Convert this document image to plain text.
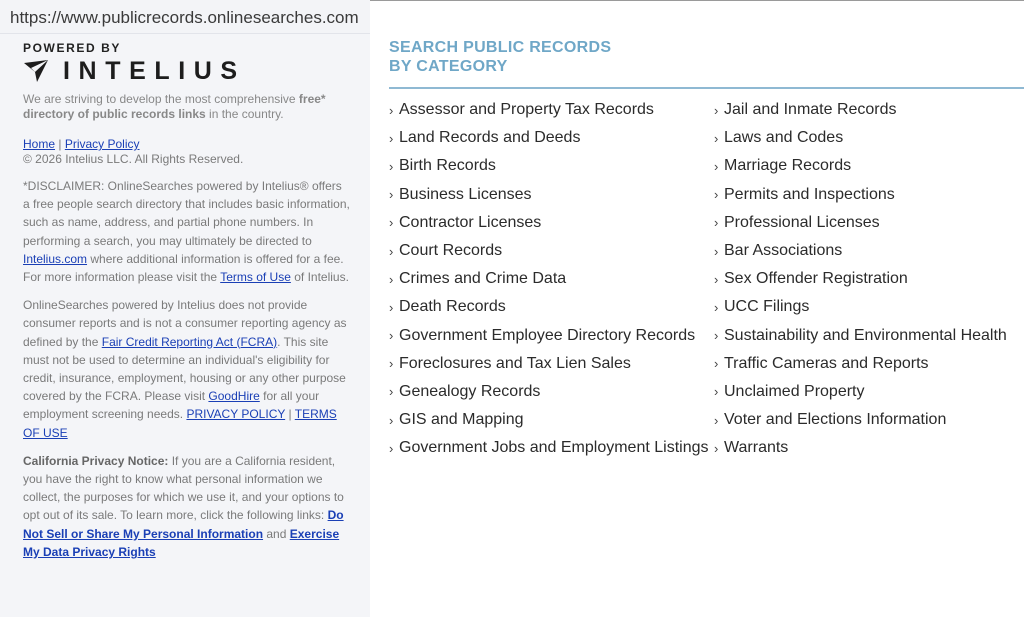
https://www.publicrecords.onlinesearches.com
POWERED BY
INTELIUS
We are striving to develop the most comprehensive free* directory of public records links in the country.
Home | Privacy Policy
© 2026 Intelius LLC. All Rights Reserved.
*DISCLAIMER: OnlineSearches powered by Intelius® offers a free people search directory that includes basic information, such as name, address, and partial phone numbers. In performing a search, you may ultimately be directed to Intelius.com where additional information is offered for a fee. For more information please visit the Terms of Use of Intelius.
OnlineSearches powered by Intelius does not provide consumer reports and is not a consumer reporting agency as defined by the Fair Credit Reporting Act (FCRA). This site must not be used to determine an individual's eligibility for credit, insurance, employment, housing or any other purpose covered by the FCRA. Please visit GoodHire for all your employment screening needs. PRIVACY POLICY | TERMS OF USE
California Privacy Notice: If you are a California resident, you have the right to know what personal information we collect, the purposes for which we use it, and your options to opt out of its sale. To learn more, click the following links: Do Not Sell or Share My Personal Information and Exercise My Data Privacy Rights
SEARCH PUBLIC RECORDS
BY CATEGORY
› Assessor and Property Tax Records
› Land Records and Deeds
› Birth Records
› Business Licenses
› Contractor Licenses
› Court Records
› Crimes and Crime Data
› Death Records
› Government Employee Directory Records
› Foreclosures and Tax Lien Sales
› Genealogy Records
› GIS and Mapping
› Government Jobs and Employment Listings
› Jail and Inmate Records
› Laws and Codes
› Marriage Records
› Permits and Inspections
› Professional Licenses
› Bar Associations
› Sex Offender Registration
› UCC Filings
› Sustainability and Environmental Health
› Traffic Cameras and Reports
› Unclaimed Property
› Voter and Elections Information
› Warrants
